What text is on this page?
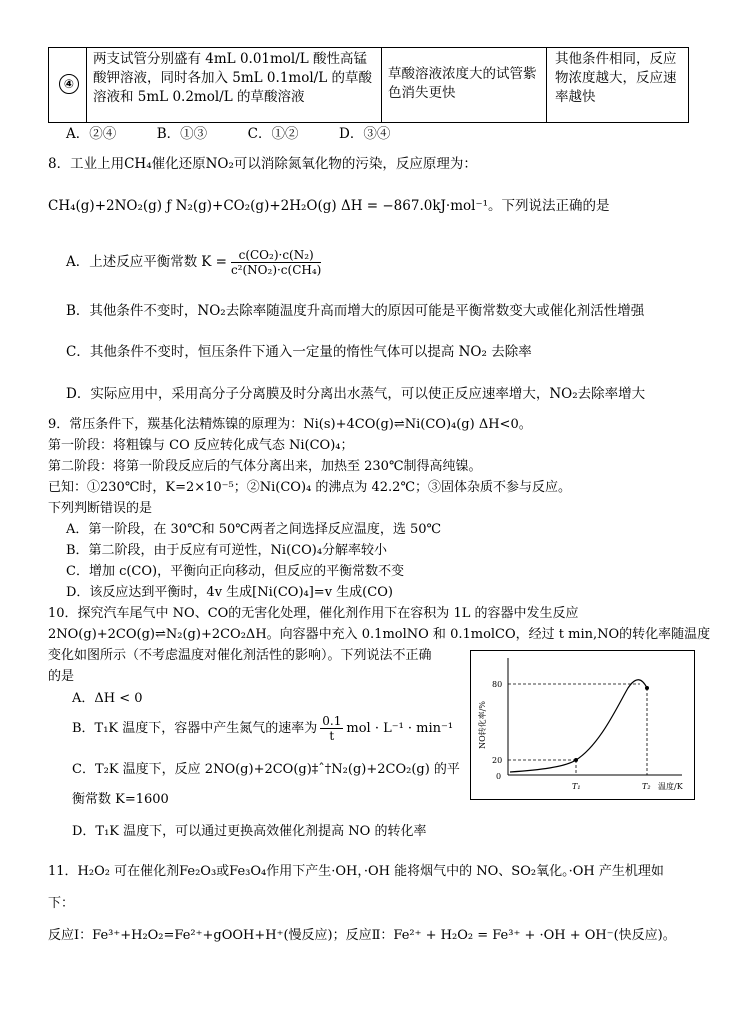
④
两支试管分别盛有 4mL 0.01mol/L 酸性高锰酸钾溶液，同时各加入 5mL 0.1mol/L 的草酸溶液和 5mL 0.2mol/L 的草酸溶液
草酸溶液浓度大的试管紫色消失更快
其他条件相同，反应物浓度越大，反应速率越快
A．②④　　　B．①③　　　C．①②　　　D．③④
8．工业上用CH₄催化还原NO₂可以消除氮氧化物的污染，反应原理为：
CH₄(g)+2NO₂(g) ƒ N₂(g)+CO₂(g)+2H₂O(g) ΔH = −867.0kJ·mol⁻¹。下列说法正确的是
A．上述反应平衡常数 $K = \frac{\text{c(CO₂)·c(N₂)}}{\text{c²(NO₂)·c(CH₄)}}$
B．其他条件不变时，NO₂去除率随温度升高而增大的原因可能是平衡常数变大或催化剂活性增强
C．其他条件不变时，恒压条件下通入一定量的惰性气体可以提高 NO₂ 去除率
D．实际应用中，采用高分子分离膜及时分离出水蒸气，可以使正反应速率增大，NO₂去除率增大
9．常压条件下，羰基化法精炼镍的原理为：Ni(s)+4CO(g)⇌Ni(CO)₄(g) ΔH<0。
第一阶段：将粗镍与 CO 反应转化成气态 Ni(CO)₄；
第二阶段：将第一阶段反应后的气体分离出来，加热至 230℃制得高纯镍。
已知：①230℃时，K=2×10⁻⁵；②Ni(CO)₄ 的沸点为 42.2℃；③固体杂质不参与反应。
下列判断错误的是
A．第一阶段，在 30℃和 50℃两者之间选择反应温度，选 50℃
B．第二阶段，由于反应有可逆性，Ni(CO)₄分解率较小
C．增加 c(CO)，平衡向正向移动，但反应的平衡常数不变
D．该反应达到平衡时，4v 生成[Ni(CO)₄]=v 生成(CO)
10．探究汽车尾气中 NO、CO的无害化处理，催化剂作用下在容积为 1L 的容器中发生反应
2NO(g)+2CO(g)⇌N₂(g)+2CO₂ΔH。向容器中充入 0.1molNO 和 0.1molCO，经过 t min,NO的转化率随温度
变化如图所示（不考虑温度对催化剂活性的影响）。下列说法不正确
的是
A．ΔH < 0
B．T₁K 温度下，容器中产生氮气的速率为 $\frac{0.1}{t}$ mol · L⁻¹ · min⁻¹
C．T₂K 温度下，反应 2NO(g)+2CO(g)‡ˆ†N₂(g)+2CO₂(g) 的平
衡常数 K=1600
D．T₁K 温度下，可以通过更换高效催化剂提高 NO 的转化率
NO转化率/%
80
20
0
T₁	T₂ 温度/K
11．H₂O₂ 可在催化剂Fe₂O₃或Fe₃O₄作用下产生·OH，·OH 能将烟气中的 NO、SO₂氧化。·OH 产生机理如
下：
反应Ⅰ：Fe³⁺+H₂O₂=Fe²⁺+gOOH+H⁺(慢反应)；反应Ⅱ：Fe²⁺ + H₂O₂ = Fe³⁺ + ·OH + OH⁻(快反应)。
